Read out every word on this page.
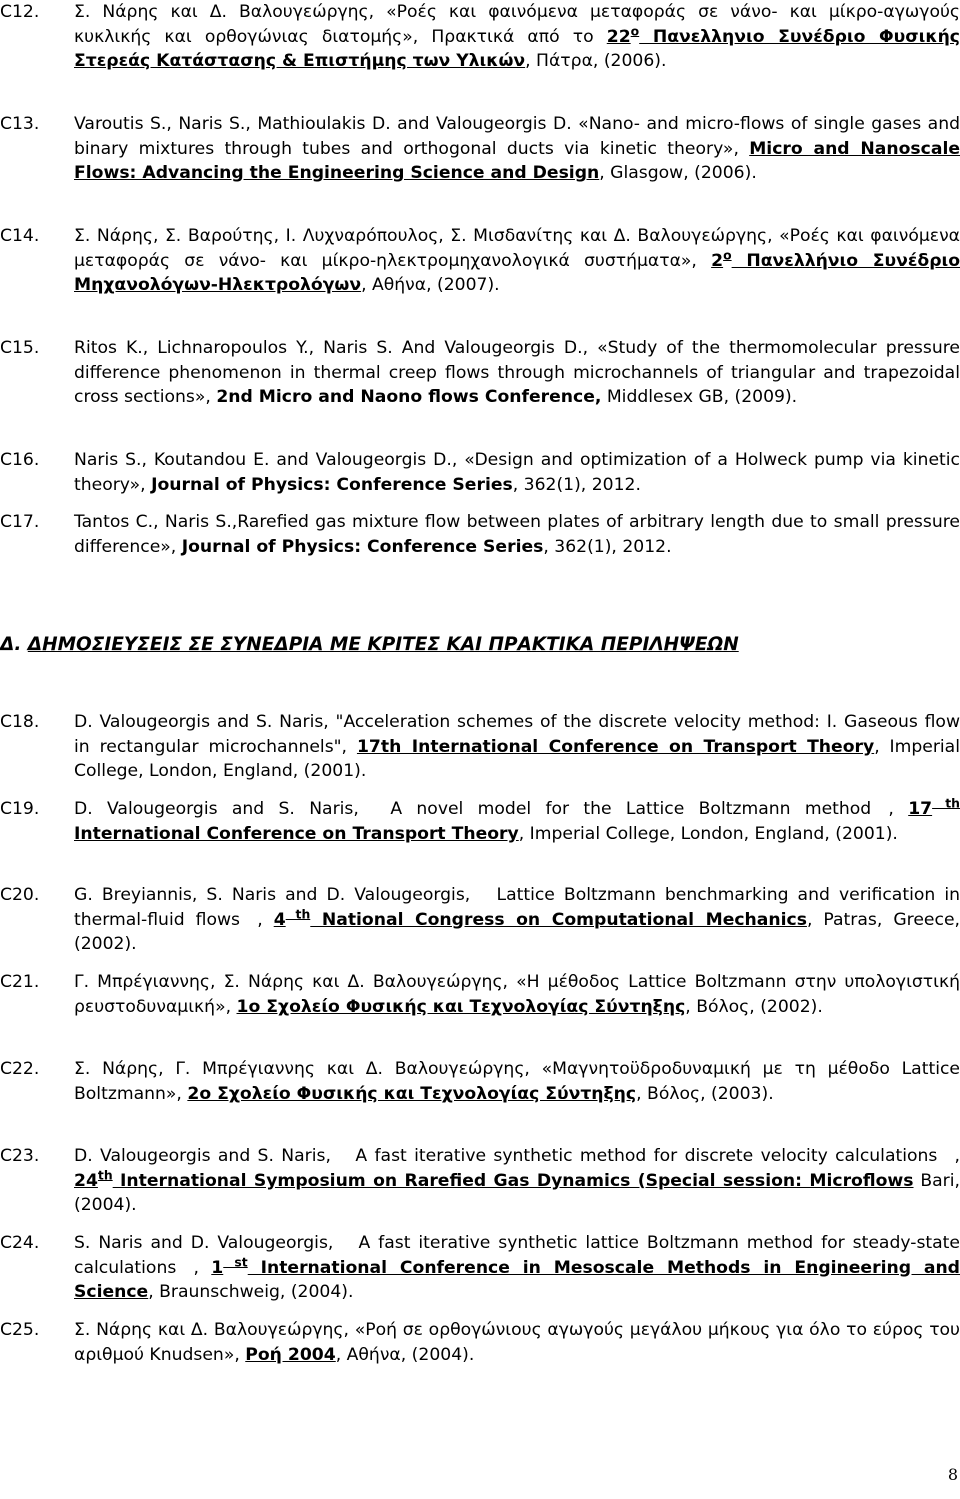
C12.	Σ. Νάρης και Δ. Βαλουγεώργης, «Ροές και φαινόμενα μεταφοράς σε νάνο- και μίκρο-αγωγούς κυκλικής και ορθογώνιας διατομής», Πρακτικά από το $22^o$ Πανελληνιο Συνέδριο Φυσικής Στερεάς Κατάστασης & Επιστήμης των Υλικών, Πάτρα, (2006).
C13.	Varoutis S., Naris S., Mathioulakis D. and Valougeorgis D. «Nano- and micro-flows of single gases and binary mixtures through tubes and orthogonal ducts via kinetic theory», Micro and Nanoscale Flows: Advancing the Engineering Science and Design, Glasgow, (2006).
C14.	Σ. Νάρης, Σ. Βαρούτης, Ι. Λυχναρόπουλος, Σ. Μισδανίτης και Δ. Βαλουγεώργης, «Ροές και φαινόμενα μεταφοράς σε νάνο- και μίκρο-ηλεκτρομηχανολογικά συστήματα», $2^o$ Πανελλήνιο Συνέδριο Μηχανολόγων-Ηλεκτρολόγων, Αθήνα, (2007).
C15.	Ritos K., Lichnaropoulos Y., Naris S. And Valougeorgis D., «Study of the thermomolecular pressure difference phenomenon in thermal creep flows through microchannels of triangular and trapezoidal cross sections», 2nd Micro and Naono flows Conference, Middlesex GB, (2009).
C16.	Naris S., Koutandou E. and Valougeorgis D., «Design and optimization of a Holweck pump via kinetic theory», Journal of Physics: Conference Series, 362(1), 2012.
C17.	Tantos C., Naris S.,Rarefied gas mixture flow between plates of arbitrary length due to small pressure difference», Journal of Physics: Conference Series, 362(1), 2012.
Δ. ΔΗΜΟΣΙΕΥΣΕΙΣ ΣΕ ΣΥΝΕΔΡΙΑ ΜΕ ΚΡΙΤΕΣ ΚΑΙ ΠΡΑΚΤΙΚΑ ΠΕΡΙΛΗΨΕΩΝ
C18.	D. Valougeorgis and S. Naris, "Acceleration schemes of the discrete velocity method: I. Gaseous flow in rectangular microchannels", 17th International Conference on Transport Theory, Imperial College, London, England, (2001).
C19.	D. Valougeorgis and S. Naris,  A novel model for the Lattice Boltzmann method , 17 $^{th}$ International Conference on Transport Theory, Imperial College, London, England, (2001).
C20.	G. Breyiannis, S. Naris and D. Valougeorgis,  Lattice Boltzmann benchmarking and verification in thermal-fluid flows , 4 $^{th}$ National Congress on Computational Mechanics, Patras, Greece, (2002).
C21.	Γ. Μπρέγιαννης, Σ. Νάρης και Δ. Βαλουγεώργης, «Η μέθοδος Lattice Boltzmann στην υπολογιστική ρευστοδυναμική», 1ο Σχολείο Φυσικής και Τεχνολογίας Σύντηξης, Βόλος, (2002).
C22.	Σ. Νάρης, Γ. Μπρέγιαννης και Δ. Βαλουγεώργης, «Μαγνητοϋδροδυναμική με τη μέθοδο Lattice Boltzmann», 2ο Σχολείο Φυσικής και Τεχνολογίας Σύντηξης, Βόλος, (2003).
C23.	D. Valougeorgis and S. Naris,  A fast iterative synthetic method for discrete velocity calculations , 24th International Symposium on Rarefied Gas Dynamics (Special session: Microflows Bari, (2004).
C24.	S. Naris and D. Valougeorgis,  A fast iterative synthetic lattice Boltzmann method for steady-state calculations , 1 $^{st}$ International Conference in Mesoscale Methods in Engineering and Science, Braunschweig, (2004).
C25.	Σ. Νάρης και Δ. Βαλουγεώργης, «Ροή σε ορθογώνιους αγωγούς μεγάλου μήκους για όλο το εύρος του αριθμού Knudsen», Ροή 2004, Αθήνα, (2004).
8
